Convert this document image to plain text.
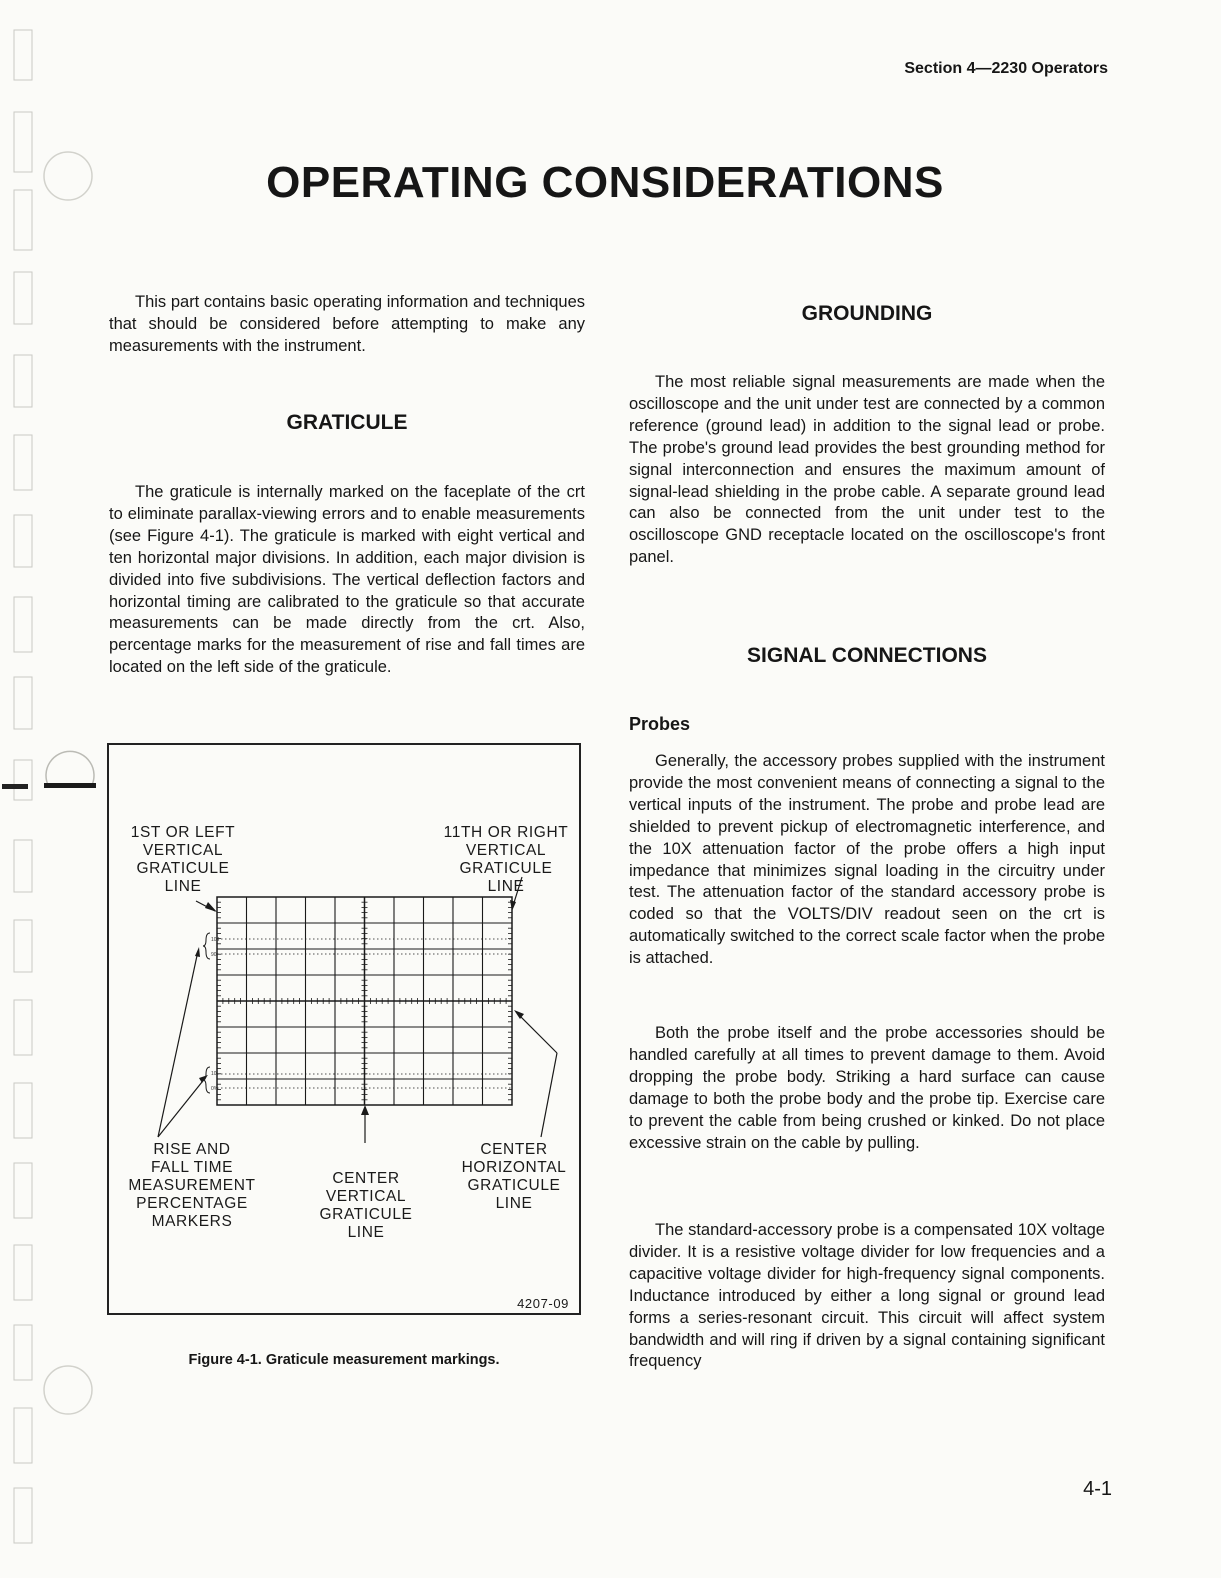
Section 4—2230 Operators
OPERATING CONSIDERATIONS

This part contains basic operating information and techniques that should be considered before attempting to make any measurements with the instrument.

GRATICULE

The graticule is internally marked on the faceplate of the crt to eliminate parallax-viewing errors and to enable measurements (see Figure 4-1). The graticule is marked with eight vertical and ten horizontal major divisions. In addition, each major division is divided into five subdivisions. The vertical deflection factors and horizontal timing are calibrated to the graticule so that accurate measurements can be made directly from the crt. Also, percentage marks for the measurement of rise and fall times are located on the left side of the graticule.

100
90
10
0%
1ST OR LEFT
VERTICAL
GRATICULE
LINE
11TH OR RIGHT
VERTICAL
GRATICULE
LINE
RISE AND
FALL TIME
MEASUREMENT
PERCENTAGE
MARKERS
CENTER
VERTICAL
GRATICULE
LINE
CENTER
HORIZONTAL
GRATICULE
LINE
4207-09
Figure 4-1. Graticule measurement markings.
GROUNDING

The most reliable signal measurements are made when the oscilloscope and the unit under test are connected by a common reference (ground lead) in addition to the signal lead or probe. The probe's ground lead provides the best grounding method for signal interconnection and ensures the maximum amount of signal-lead shielding in the probe cable. A separate ground lead can also be connected from the unit under test to the oscilloscope GND receptacle located on the oscilloscope's front panel.

SIGNAL CONNECTIONS
Probes

Generally, the accessory probes supplied with the instrument provide the most convenient means of connecting a signal to the vertical inputs of the instrument. The probe and probe lead are shielded to prevent pickup of electromagnetic interference, and the 10X attenuation factor of the probe offers a high input impedance that minimizes signal loading in the circuitry under test. The attenuation factor of the standard accessory probe is coded so that the VOLTS/DIV readout seen on the crt is automatically switched to the correct scale factor when the probe is attached.

Both the probe itself and the probe accessories should be handled carefully at all times to prevent damage to them. Avoid dropping the probe body. Striking a hard surface can cause damage to both the probe body and the probe tip. Exercise care to prevent the cable from being crushed or kinked. Do not place excessive strain on the cable by pulling.

The standard-accessory probe is a compensated 10X voltage divider. It is a resistive voltage divider for low frequencies and a capacitive voltage divider for high-frequency signal components. Inductance introduced by either a long signal or ground lead forms a series-resonant circuit. This circuit will affect system bandwidth and will ring if driven by a signal containing significant frequency

4-1
